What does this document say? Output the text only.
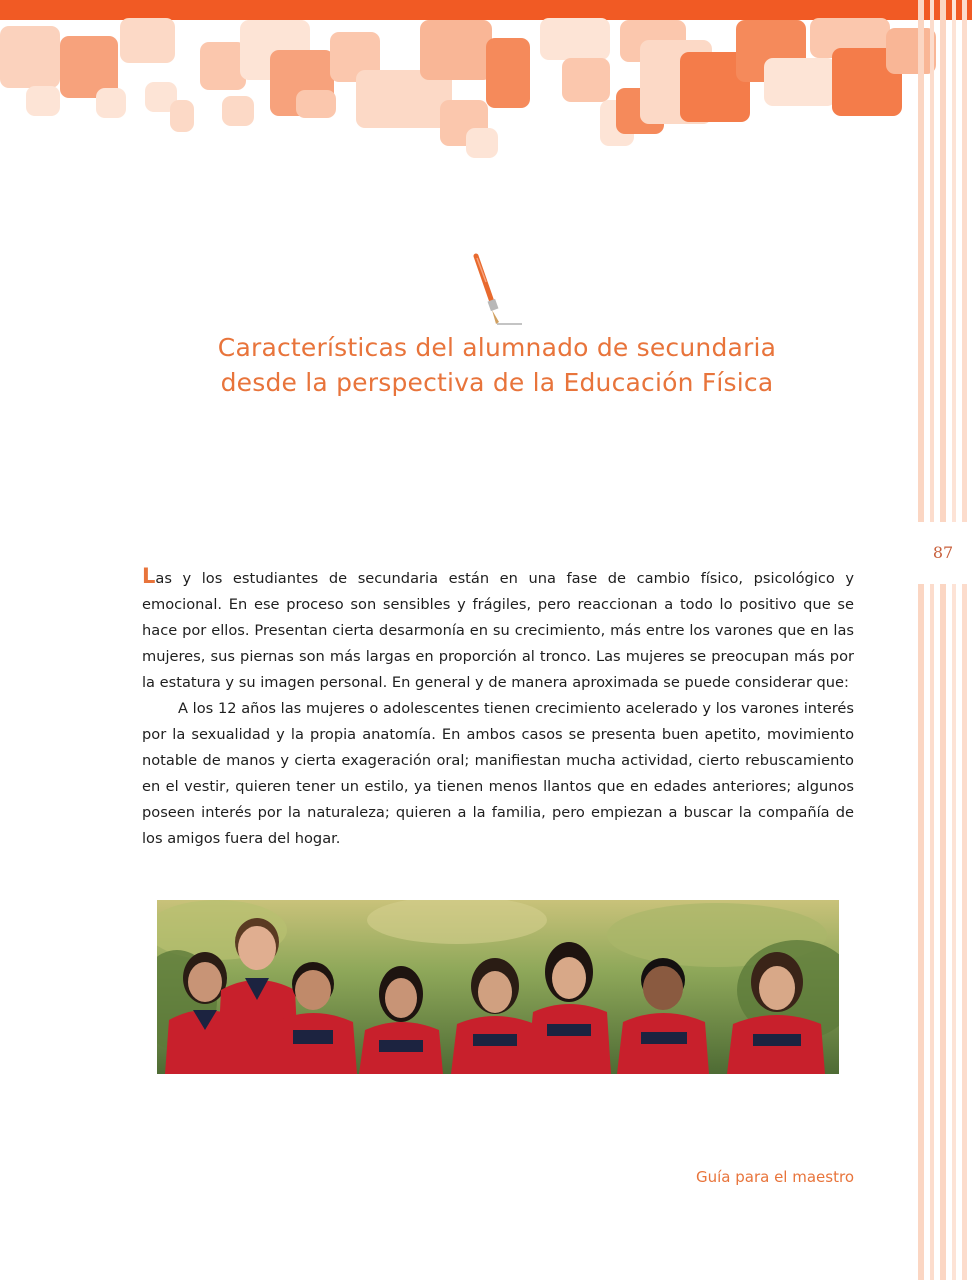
87
Características del alumnado de secundaria
desde la perspectiva de la Educación Física

Las y los estudiantes de secundaria están en una fase de cambio físico, psicológico y emocional. En ese proceso son sensibles y frágiles, pero reaccionan a todo lo positivo que se hace por ellos. Presentan cierta desarmonía en su crecimiento, más entre los varones que en las mujeres, sus piernas son más largas en proporción al tronco. Las mujeres se preocupan más por la estatura y su imagen personal. En general y de manera aproximada se puede considerar que:

A los 12 años las mujeres o adolescentes tienen crecimiento acelerado y los varones interés por la sexualidad y la propia anatomía. En ambos casos se presenta buen apetito, movimiento notable de manos y cierta exageración oral; manifiestan mucha actividad, cierto rebuscamiento en el vestir, quieren tener un estilo, ya tienen menos llantos que en edades anteriores; algunos poseen interés por la naturaleza; quieren a la familia, pero empiezan a buscar la compañía de los amigos fuera del hogar.

Guía para el maestro
